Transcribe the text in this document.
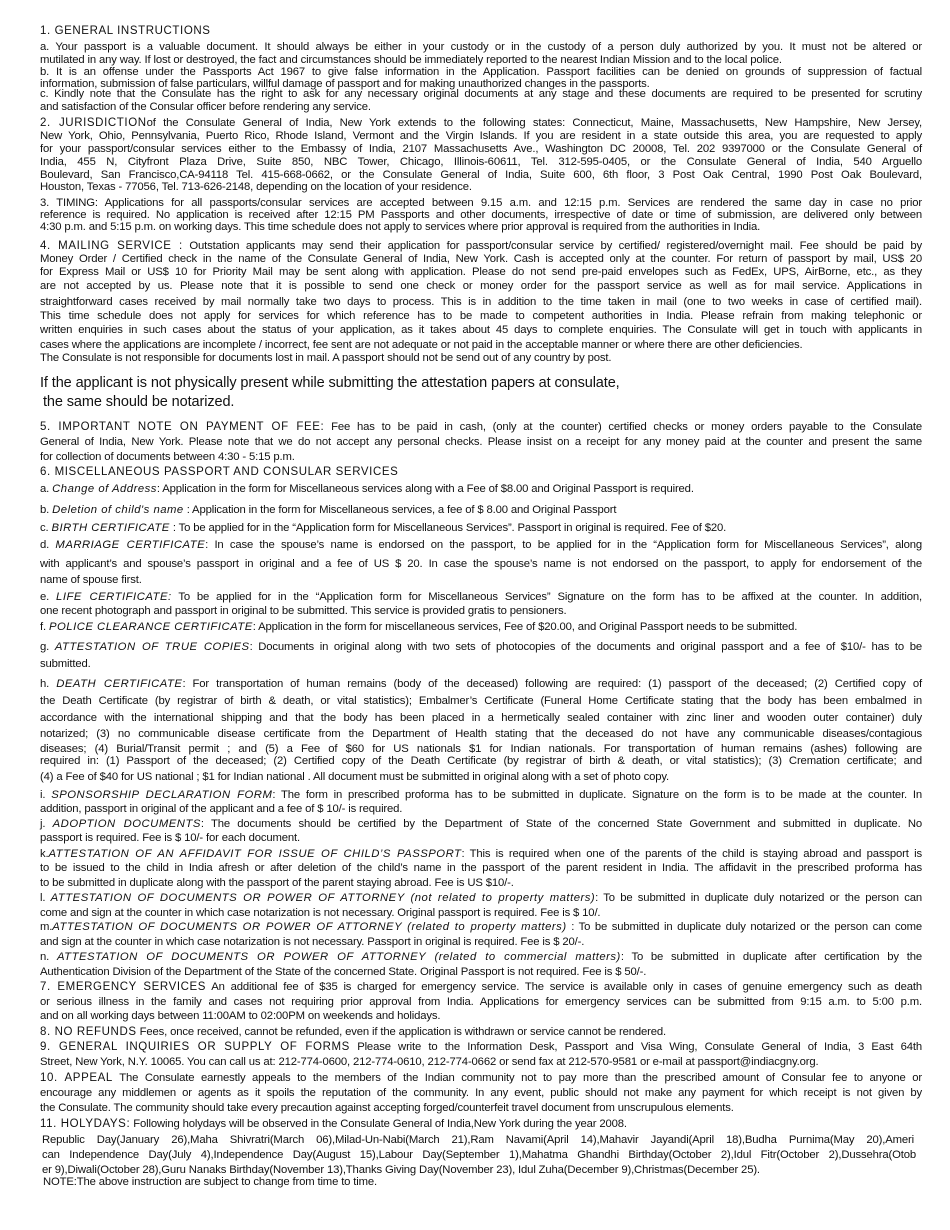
1. GENERAL INSTRUCTIONS
a. Your passport is a valuable document. It should always be either in your custody or in the custody of a person duly authorized by you. It must not be altered or
mutilated in any way. If lost or destroyed, the fact and circumstances should be immediately reported to the nearest Indian Mission and to the local police.
b. It is an offense under the Passports Act 1967 to give false information in the Application. Passport facilities can be denied on grounds of suppression of factual
information, submission of false particulars, willful damage of passport and for making unauthorized changes in the passports.
c. Kindly note that the Consulate has the right to ask for any necessary original documents at any stage and these documents are required to be presented for scrutiny
and satisfaction of the Consular officer before rendering any service.
2. JURISDICTIONof the Consulate General of India, New York extends to the following states: Connecticut, Maine, Massachusetts, New Hampshire, New Jersey,
New York, Ohio, Pennsylvania, Puerto Rico, Rhode Island, Vermont and the Virgin Islands. If you are resident in a state outside this area, you are requested to apply
for your passport/consular services either to the Embassy of India, 2107 Massachusetts Ave., Washington DC 20008, Tel. 202 9397000 or the Consulate General of
India, 455 N, Cityfront Plaza Drive, Suite 850, NBC Tower, Chicago, Illinois-60611, Tel. 312-595-0405, or the Consulate General of India, 540 Arguello
Boulevard, San Francisco,CA-94118 Tel. 415-668-0662, or the Consulate General of India, Suite 600, 6th floor, 3 Post Oak Central, 1990 Post Oak Boulevard,
Houston, Texas - 77056, Tel. 713-626-2148, depending on the location of your residence.
3. TIMING: Applications for all passports/consular services are accepted between 9.15 a.m. and 12:15 p.m. Services are rendered the same day in case no prior
reference is required. No application is received after 12:15 PM Passports and other documents, irrespective of date or time of submission, are delivered only between
4:30 p.m. and 5:15 p.m. on working days. This time schedule does not apply to services where prior approval is required from the authorities in India.
4. MAILING SERVICE : Outstation applicants may send their application for passport/consular service by certified/ registered/overnight mail. Fee should be paid by
Money Order / Certified check in the name of the Consulate General of India, New York. Cash is accepted only at the counter. For return of passport by mail, US$ 20
for Express Mail or US$ 10 for Priority Mail may be sent along with application. Please do not send pre-paid envelopes such as FedEx, UPS, AirBorne, etc., as they
are not accepted by us. Please note that it is possible to send one check or money order for the passport service as well as for mail service. Applications in
straightforward cases received by mail normally take two days to process. This is in addition to the time taken in mail (one to two weeks in case of certified mail).
This time schedule does not apply for services for which reference has to be made to competent authorities in India. Please refrain from making telephonic or
written enquiries in such cases about the status of your application, as it takes about 45 days to complete enquiries. The Consulate will get in touch with applicants in
cases where the applications are incomplete / incorrect, fee sent are not adequate or not paid in the acceptable manner or where there are other deficiencies.
The Consulate is not responsible for documents lost in mail. A passport should not be send out of any country by post.
If the applicant is not physically present while submitting the attestation papers at consulate,
the same should be notarized.
5. IMPORTANT NOTE ON PAYMENT OF FEE: Fee has to be paid in cash, (only at the counter) certified checks or money orders payable to the Consulate
General of India, New York. Please note that we do not accept any personal checks. Please insist on a receipt for any money paid at the counter and present the same
for collection of documents between 4:30 - 5:15 p.m.
6. MISCELLANEOUS PASSPORT AND CONSULAR SERVICES
a. Change of Address: Application in the form for Miscellaneous services along with a Fee of $8.00 and Original Passport is required.
b. Deletion of child's name : Application in the form for Miscellaneous services, a fee of $ 8.00 and Original Passport
c. BIRTH CERTIFICATE : To be applied for in the “Application form for Miscellaneous Services”. Passport in original is required. Fee of $20.
d. MARRIAGE CERTIFICATE: In case the spouse’s name is endorsed on the passport, to be applied for in the “Application form for Miscellaneous Services”, along
with applicant’s and spouse’s passport in original and a fee of US $ 20. In case the spouse’s name is not endorsed on the passport, to apply for endorsement of the
name of spouse first.
e. LIFE CERTIFICATE: To be applied for in the “Application form for Miscellaneous Services” Signature on the form has to be affixed at the counter. In addition,
one recent photograph and passport in original to be submitted. This service is provided gratis to pensioners.
f. POLICE CLEARANCE CERTIFICATE: Application in the form for miscellaneous services, Fee of $20.00, and Original Passport needs to be submitted.
g. ATTESTATION OF TRUE COPIES: Documents in original along with two sets of photocopies of the documents and original passport and a fee of $10/- has to be
submitted.
h. DEATH CERTIFICATE: For transportation of human remains (body of the deceased) following are required: (1) passport of the deceased; (2) Certified copy of
the Death Certificate (by registrar of birth & death, or vital statistics); Embalmer’s Certificate (Funeral Home Certificate stating that the body has been embalmed in
accordance with the international shipping and that the body has been placed in a hermetically sealed container with zinc liner and wooden outer container) duly
notarized; (3) no communicable disease certificate from the Department of Health stating that the deceased do not have any communicable diseases/contagious
diseases; (4) Burial/Transit permit ; and (5) a Fee of $60 for US nationals $1 for Indian nationals. For transportation of human remains (ashes) following are
required in: (1) Passport of the deceased; (2) Certified copy of the Death Certificate (by registrar of birth & death, or vital statistics); (3) Cremation certificate; and
(4) a Fee of $40 for US national ; $1 for Indian national . All document must be submitted in original along with a set of photo copy.
i. SPONSORSHIP DECLARATION FORM: The form in prescribed proforma has to be submitted in duplicate. Signature on the form is to be made at the counter. In
addition, passport in original of the applicant and a fee of $ 10/- is required.
j. ADOPTION DOCUMENTS: The documents should be certified by the Department of State of the concerned State Government and submitted in duplicate. No
passport is required. Fee is $ 10/- for each document.
k.ATTESTATION OF AN AFFIDAVIT FOR ISSUE OF CHILD’S PASSPORT: This is required when one of the parents of the child is staying abroad and passport is
to be issued to the child in India afresh or after deletion of the child’s name in the passport of the parent resident in India. The affidavit in the prescribed proforma has
to be submitted in duplicate along with the passport of the parent staying abroad. Fee is US $10/-.
l. ATTESTATION OF DOCUMENTS OR POWER OF ATTORNEY (not related to property matters): To be submitted in duplicate duly notarized or the person can
come and sign at the counter in which case notarization is not necessary. Original passport is required. Fee is $ 10/.
m.ATTESTATION OF DOCUMENTS OR POWER OF ATTORNEY (related to property matters) : To be submitted in duplicate duly notarized or the person can come
and sign at the counter in which case notarization is not necessary. Passport in original is required. Fee is $ 20/-.
n. ATTESTATION OF DOCUMENTS OR POWER OF ATTORNEY (related to commercial matters): To be submitted in duplicate after certification by the
Authentication Division of the Department of the State of the concerned State. Original Passport is not required. Fee is $ 50/-.
7. EMERGENCY SERVICES An additional fee of $35 is charged for emergency service. The service is available only in cases of genuine emergency such as death
or serious illness in the family and cases not requiring prior approval from India. Applications for emergency services can be submitted from 9:15 a.m. to 5:00 p.m.
and on all working days between 11:00AM to 02:00PM on weekends and holidays.
8. NO REFUNDS Fees, once received, cannot be refunded, even if the application is withdrawn or service cannot be rendered.
9. GENERAL INQUIRIES OR SUPPLY OF FORMS Please write to the Information Desk, Passport and Visa Wing, Consulate General of India, 3 East 64th
Street, New York, N.Y. 10065. You can call us at: 212-774-0600, 212-774-0610, 212-774-0662 or send fax at 212-570-9581 or e-mail at passport@indiacgny.org.
10. APPEAL The Consulate earnestly appeals to the members of the Indian community not to pay more than the prescribed amount of Consular fee to anyone or
encourage any middlemen or agents as it spoils the reputation of the community. In any event, public should not make any payment for which receipt is not given by
the Consulate. The community should take every precaution against accepting forged/counterfeit travel document from unscrupulous elements.
11. HOLYDAYS: Following holydays will be observed in the Consulate General of India,New York during the year 2008.
Republic Day(January 26),Maha Shivratri(March 06),Milad-Un-Nabi(March 21),Ram Navami(April 14),Mahavir Jayandi(April 18),Budha Purnima(May 20),Ameri
can Independence Day(July 4),Independence Day(August 15),Labour Day(September 1),Mahatma Ghandhi Birthday(October 2),Idul Fitr(October 2),Dussehra(Otob
er 9),Diwali(October 28),Guru Nanaks Birthday(November 13),Thanks Giving Day(November 23), Idul Zuha(December 9),Christmas(December 25).
NOTE:The above instruction are subject to change from time to time.
